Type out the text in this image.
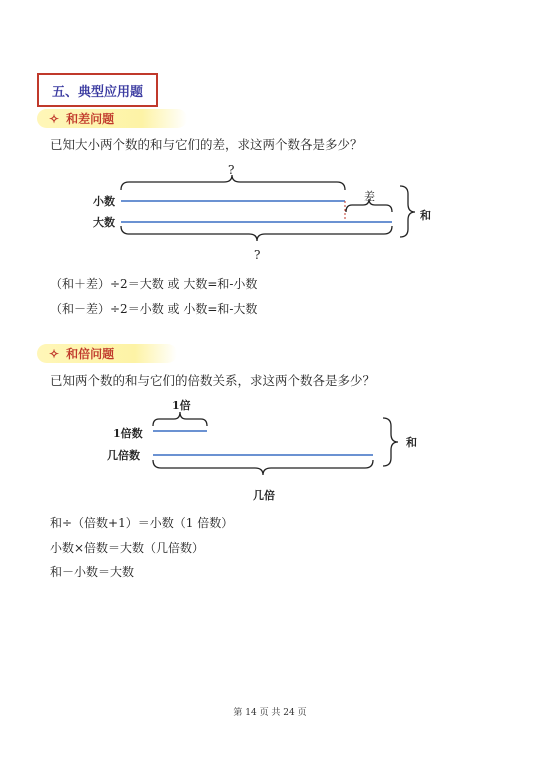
五、典型应用题
✧ 和差问题
已知大小两个数的和与它们的差，求这两个数各是多少？
?
小数
大数
差
和
?
（和＋差）÷2＝大数 或 大数=和-小数
（和－差）÷2＝小数 或 小数=和-大数
✧ 和倍问题
已知两个数的和与它们的倍数关系，求这两个数各是多少？
1倍
1倍数
几倍数
和
几倍
和÷（倍数+1）＝小数（1 倍数）
小数×倍数＝大数（几倍数）
和－小数＝大数
第 14 页 共 24 页
